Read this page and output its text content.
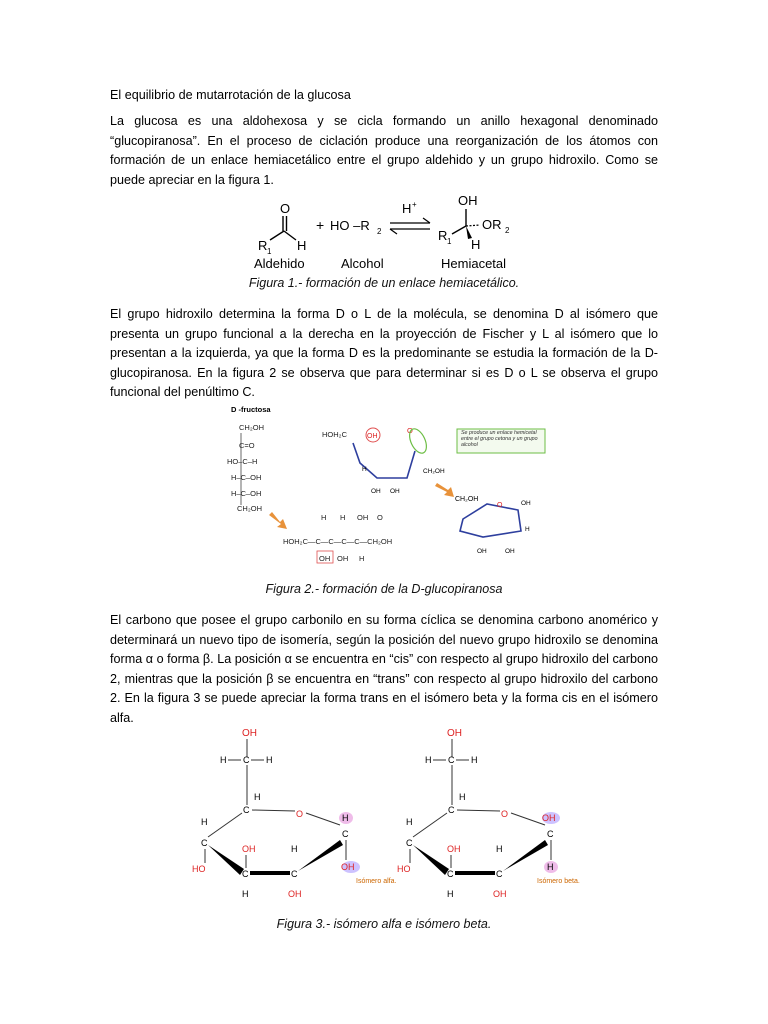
El equilibrio de mutarrotación de la glucosa
La glucosa es una aldohexosa y se cicla formando un anillo hexagonal denominado “glucopiranosa”. En el proceso de ciclación produce una reorganización de los átomos con formación de un enlace hemiacetálico entre el grupo aldehido y un grupo hidroxilo. Como se puede apreciar en la figura 1.
O
R 1 H
Aldehido
+ HO –R 2
Alcohol
H +	OH
OR 2
R 1 H
Hemiacetal
Figura 1.- formación de un enlace hemiacetálico.
El grupo hidroxilo determina la forma D o L de la molécula, se denomina D al isómero que presenta un grupo funcional a la derecha en la proyección de Fischer y L al isómero que lo presentan a la izquierda, ya que la forma D es la predominante se estudia la formación de la D-glucopiranosa. En la figura 2 se observa que para determinar si es D o L se observa el grupo funcional del penúltimo C.
D -fructosa
CH₂OH
C=O
HO–C–H
H–C–OH
H–C–OH
CH₂OH
HOH₂C	OH
O
H
OH OH
CH₂OH
Se produce un enlace hemicetal entre el grupo cetona y un grupo alcohol
H H OH O
HOH₂C—C—C—C—C—CH₂OH
OH OH H
CH₂OH
O	OH
OH	OH
H
Figura 2.- formación de la D-glucopiranosa
El carbono que posee el grupo carbonilo en su forma cíclica se denomina carbono anomérico y determinará un nuevo tipo de isomería, según la posición del nuevo grupo hidroxilo se denomina forma α o forma β. La posición α se encuentra en “cis” con respecto al grupo hidroxilo del carbono 2, mientras que la posición β se encuentra en “trans” con respecto al grupo hidroxilo del carbono 2. En la figura 3 se puede apreciar la forma trans en el isómero beta y la forma cis en el isómero alfa.
OH
H C H
C
H
O	H
C
OH
Isómero alfa.
H
C
HO	C	C
OH
H
H
OH
OH
H C H
C
H
O	OH
C
H
Isómero beta.
H
C
HO	C	C
OH
H
H
OH
Figura 3.- isómero alfa e isómero beta.
